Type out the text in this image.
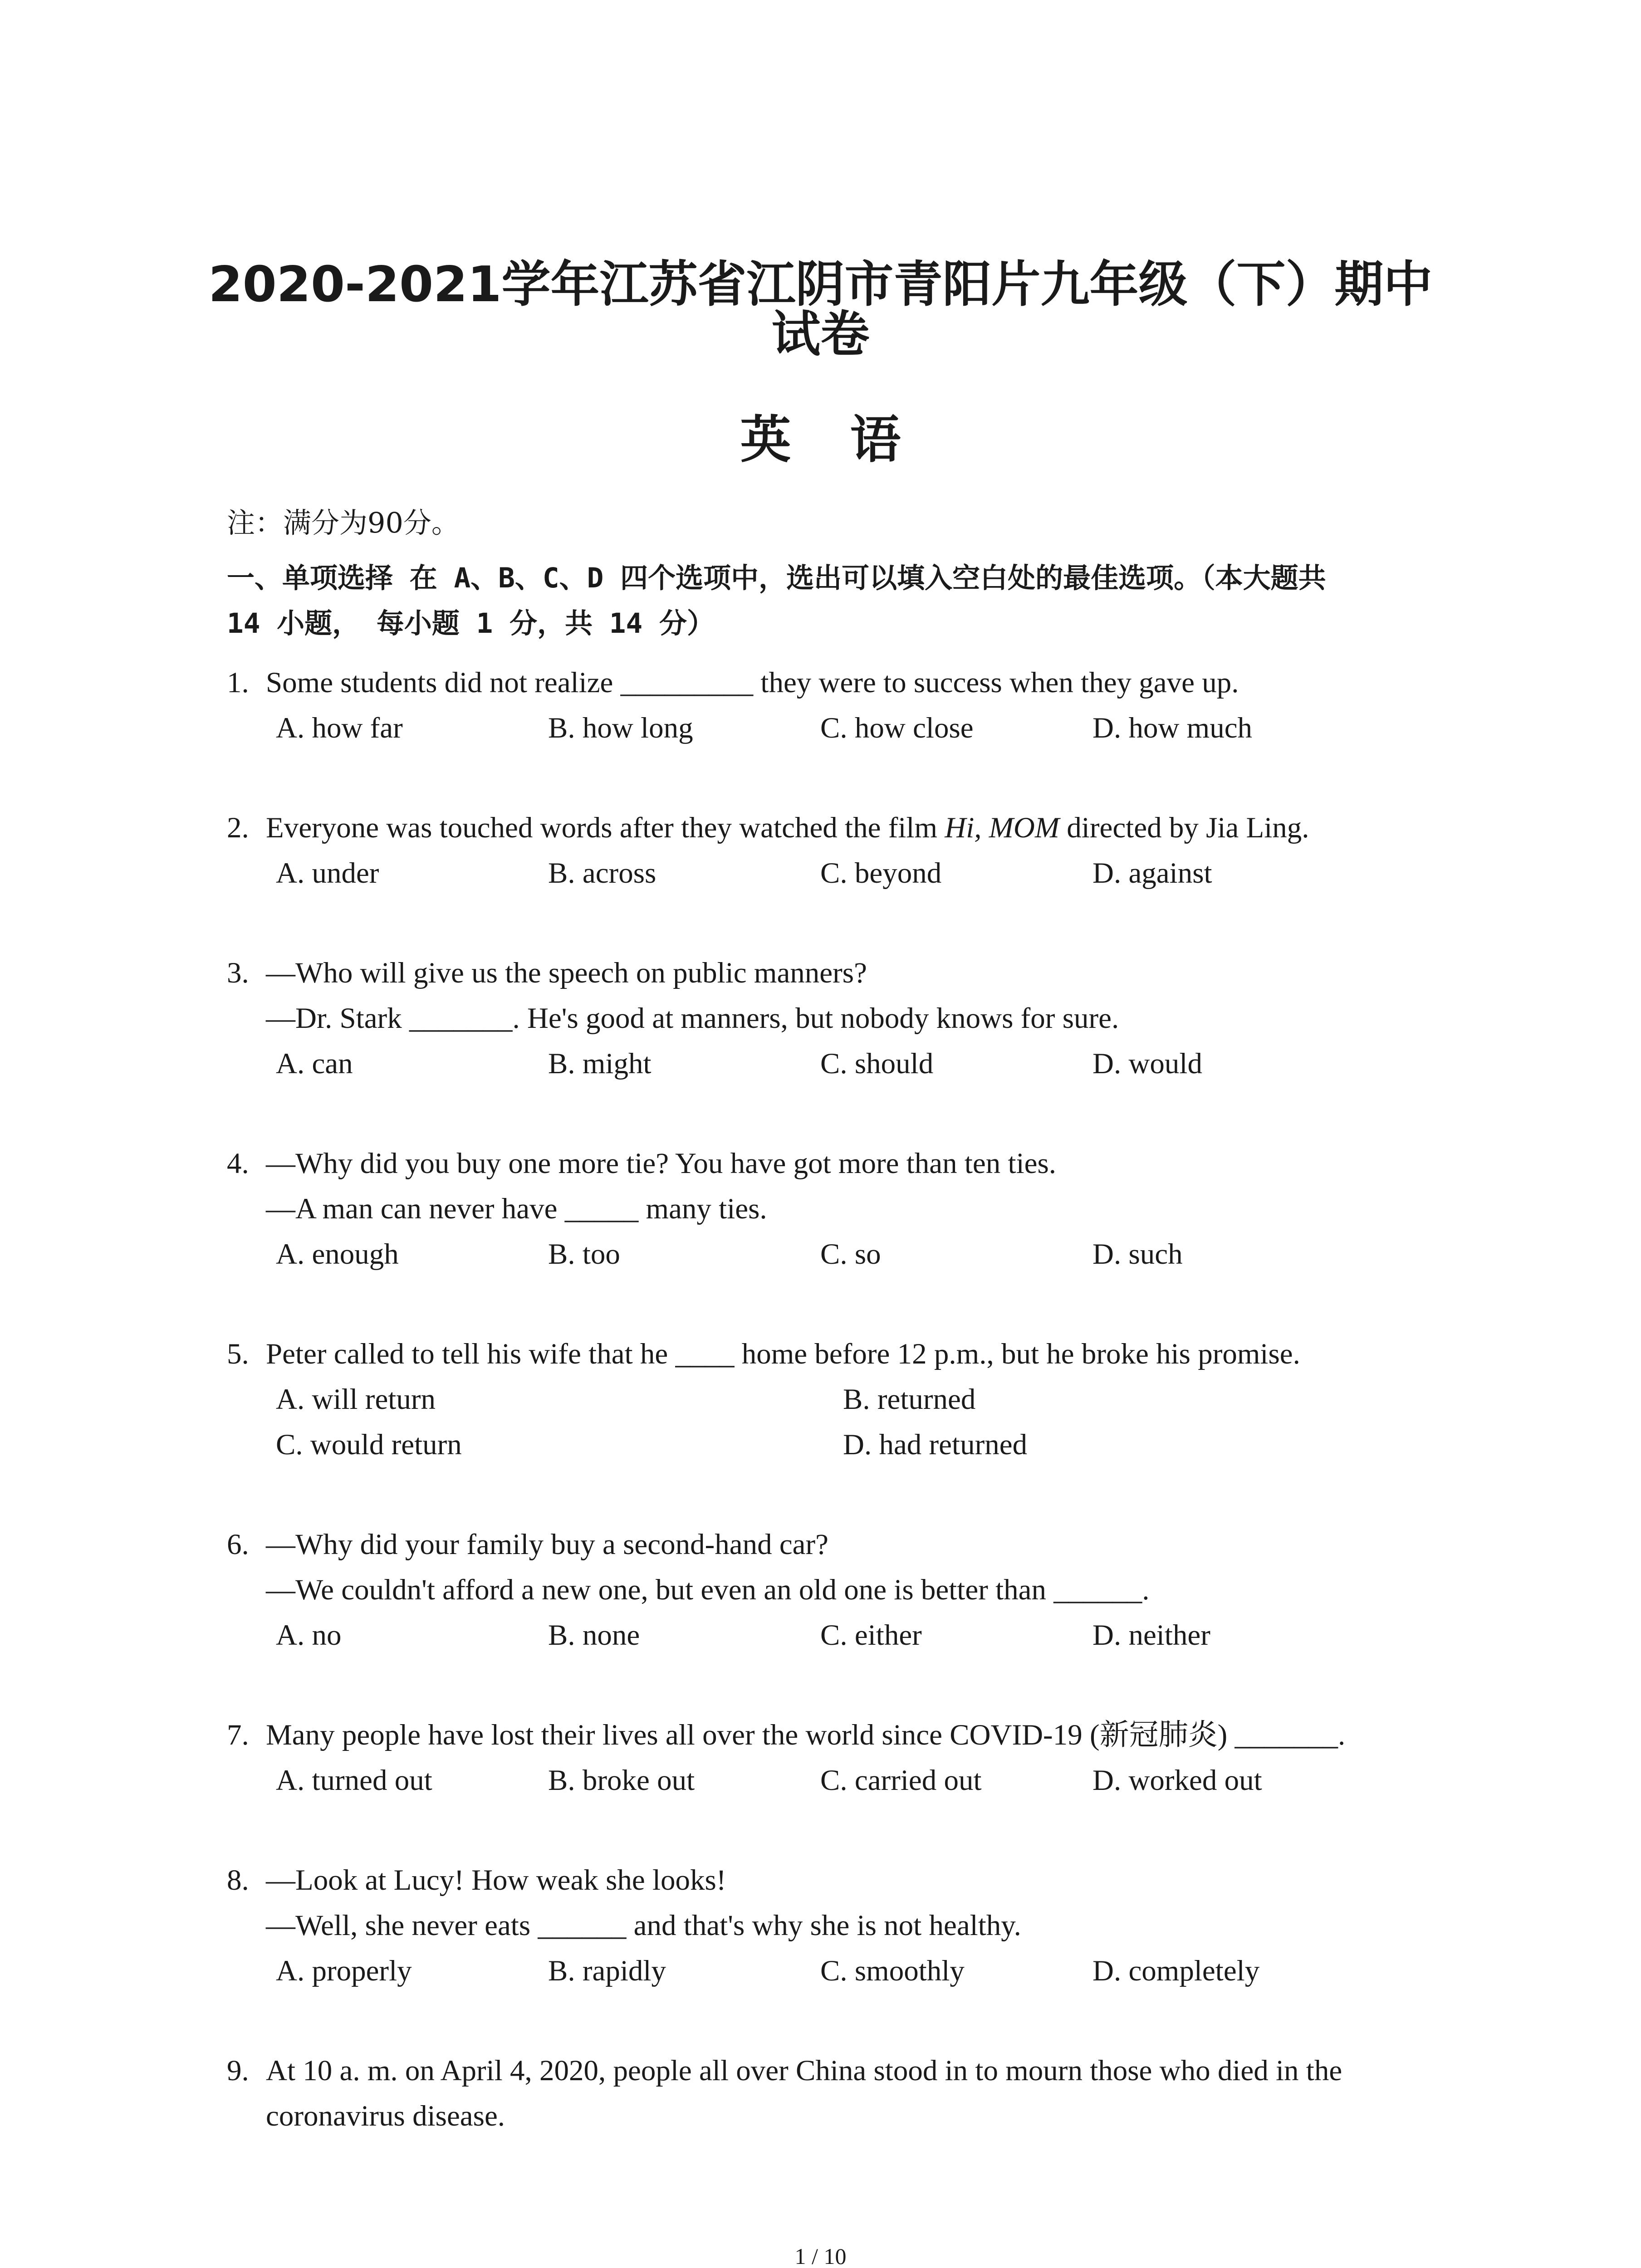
2020-2021学年江苏省江阴市青阳片九年级（下）期中
试卷
英语
注：满分为90分。
一、单项选择 在 A、B、C、D 四个选项中，选出可以填入空白处的最佳选项。（本大题共
14 小题， 每小题 1 分，共 14 分）
1. Some students did not realize _________ they were to success when they gave up.
A. how far	B. how long	C. how close	D. how much
2. Everyone was touched words after they watched the film Hi, MOM directed by Jia Ling.
A. under	B. across	C. beyond	D. against
3. —Who will give us the speech on public manners?
—Dr. Stark _______. He's good at manners, but nobody knows for sure.
A. can	B. might	C. should	D. would
4. —Why did you buy one more tie? You have got more than ten ties.
—A man can never have _____ many ties.
A. enough	B. too	C. so	D. such
5. Peter called to tell his wife that he ____ home before 12 p.m., but he broke his promise.
A. will return	B. returned
C. would return	D. had returned
6. —Why did your family buy a second-hand car?
—We couldn't afford a new one, but even an old one is better than ______.
A. no	B. none	C. either	D. neither
7. Many people have lost their lives all over the world since COVID-19 (新冠肺炎) _______.
A. turned out	B. broke out	C. carried out	D. worked out
8. —Look at Lucy! How weak she looks!
—Well, she never eats ______ and that's why she is not healthy.
A. properly	B. rapidly	C. smoothly	D. completely
9. At 10 a. m. on April 4, 2020, people all over China stood in to mourn those who died in the
coronavirus disease.
1 / 10
